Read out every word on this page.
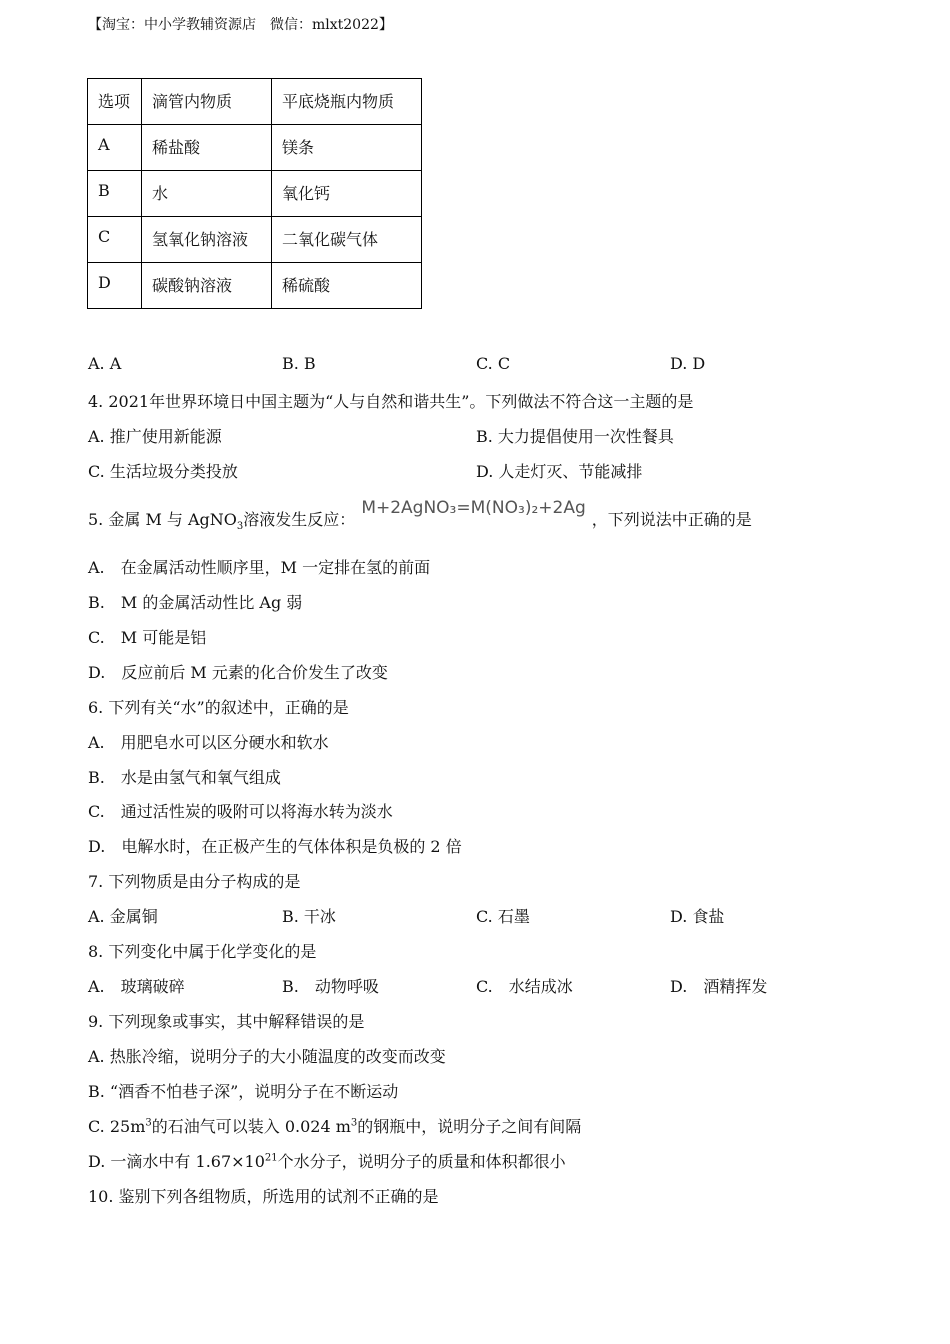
【淘宝：中小学教辅资源店　微信：mlxt2022】
选项	滴管内物质	平底烧瓶内物质
A	稀盐酸	镁条
B	水	氧化钙
C	氢氧化钠溶液	二氧化碳气体
D	碳酸钠溶液	稀硫酸
A. A	B. B	C. C	D. D
4. 2021年世界环境日中国主题为“人与自然和谐共生”。下列做法不符合这一主题的是
A. 推广使用新能源	B. 大力提倡使用一次性餐具
C. 生活垃圾分类投放	D. 人走灯灭、节能减排
5. 金属 M 与 AgNO$_3$溶液发生反应：M+2AgNO₃=M(NO₃)₂+2Ag，下列说法中正确的是
A.　在金属活动性顺序里，M 一定排在氢的前面
B.　M 的金属活动性比 Ag 弱
C.　M 可能是铝
D.　反应前后 M 元素的化合价发生了改变
6. 下列有关“水”的叙述中，正确的是
A.　用肥皂水可以区分硬水和软水
B.　水是由氢气和氧气组成
C.　通过活性炭的吸附可以将海水转为淡水
D.　电解水时，在正极产生的气体体积是负极的 2 倍
7. 下列物质是由分子构成的是
A. 金属铜	B. 干冰	C. 石墨	D. 食盐
8. 下列变化中属于化学变化的是
A.　玻璃破碎	B.　动物呼吸	C.　水结成冰	D.　酒精挥发
9. 下列现象或事实，其中解释错误的是
A. 热胀冷缩，说明分子的大小随温度的改变而改变
B. “酒香不怕巷子深”，说明分子在不断运动
C. $25m^3$的石油气可以装入 0.024 $m^3$的钢瓶中，说明分子之间有间隔
D. 一滴水中有 $1.67\times 10^{21}$个水分子，说明分子的质量和体积都很小
10. 鉴别下列各组物质，所选用的试剂不正确的是
